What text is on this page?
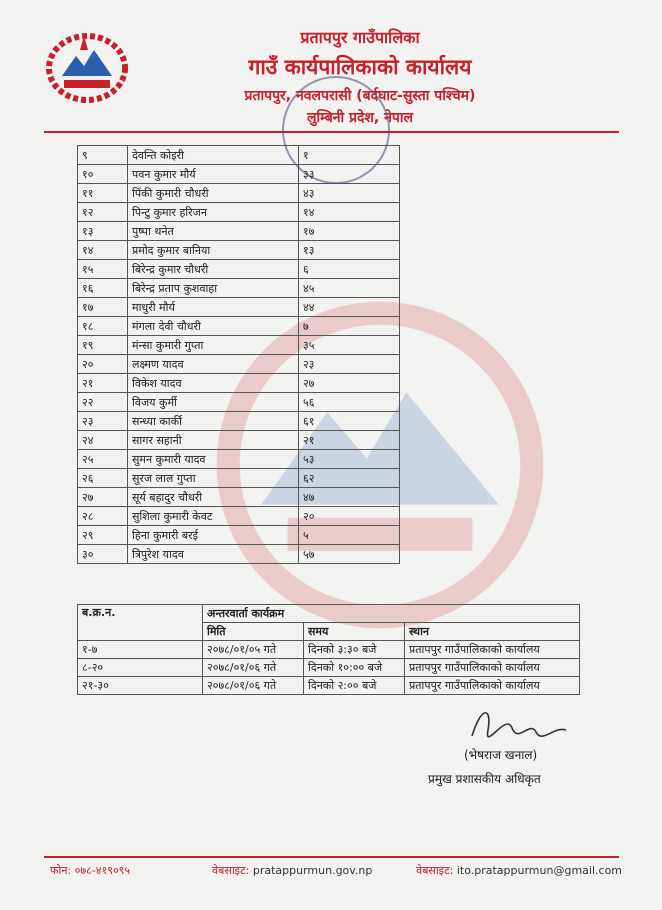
प्रतापपुर गाउँपालिका
गाउँ कार्यपालिकाको कार्यालय
प्रतापपुर, नवलपरासी (बर्दघाट-सुस्ता पश्चिम)
लुम्बिनी प्रदेश, नेपाल
९	देवन्ति कोइरी	१
१०	पवन कुमार मौर्य	३३
११	पिंकी कुमारी चौधरी	४३
१२	पिन्टु कुमार हरिजन	१४
१३	पुष्पा थनेत	१७
१४	प्रमोद कुमार बानिया	१३
१५	बिरेन्द्र कुमार चौधरी	६
१६	बिरेन्द्र प्रताप कुशवाहा	४५
१७	माधुरी मौर्य	४४
१८	मंगला देवी चौधरी	७
१९	मंन्सा कुमारी गुप्ता	३५
२०	लक्ष्मण यादव	२३
२१	विकेश यादव	२७
२२	विजय कुर्मी	५६
२३	सन्ध्या कार्की	६१
२४	सागर सहानी	२१
२५	सुमन कुमारी यादव	५३
२६	सुरज लाल गुप्ता	६२
२७	सूर्य बहादुर चौधरी	४७
२८	सुशिला कुमारी केवट	२०
२९	हिना कुमारी बरई	५
३०	त्रिपुरेश यादव	५७
ब.क्र.न.	अन्तरवार्ता कार्यक्रम		
	मिति	समय	स्थान
१-७	२०७८/०१/०५ गते	दिनको ३:३० बजे	प्रतापपुर गाउँपालिकाको कार्यालय
८-२०	२०७८/०१/०६ गते	दिनको १०:०० बजे	प्रतापपुर गाउँपालिकाको कार्यालय
२१-३०	२०७८/०१/०६ गते	दिनको २:०० बजे	प्रतापपुर गाउँपालिकाको कार्यालय
(भेषराज खनाल)
प्रमुख प्रशासकीय अधिकृत
फोन: ०७८-४१९०९५	वेबसाइट: pratappurmun.gov.np	वेबसाइट: ito.pratappurmun@gmail.com
